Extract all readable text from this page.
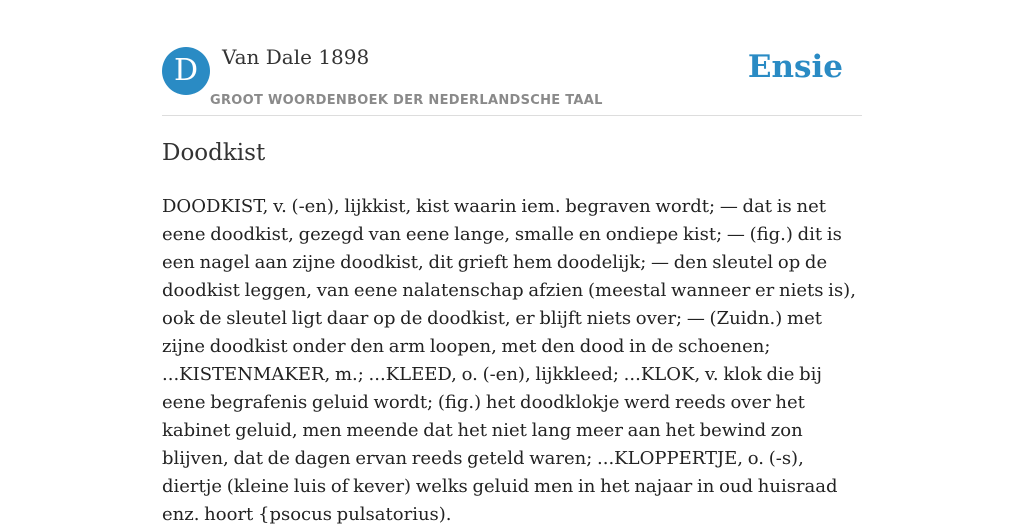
D	Van Dale 1898
GROOT WOORDENBOEK DER NEDERLANDSCHE TAAL
Ensie
Doodkist

DOODKIST, v. (-en), lijkkist, kist waarin iem. begraven wordt; — dat is net eene doodkist, gezegd van eene lange, smalle en ondiepe kist; — (fig.) dit is een nagel aan zijne doodkist, dit grieft hem doodelijk; — den sleutel op de doodkist leggen, van eene nalatenschap afzien (meestal wanneer er niets is), ook de sleutel ligt daar op de doodkist, er blijft niets over; — (Zuidn.) met zijne doodkist onder den arm loopen, met den dood in de schoenen; ...KISTENMAKER, m.; ...KLEED, o. (-en), lijkkleed; ...KLOK, v. klok die bij eene begrafenis geluid wordt; (fig.) het doodklokje werd reeds over het kabinet geluid, men meende dat het niet lang meer aan het bewind zon blijven, dat de dagen ervan reeds geteld waren; ...KLOPPERTJE, o. (-s), diertje (kleine luis of kever) welks geluid men in het najaar in oud huisraad enz. hoort {psocus pulsatorius).
